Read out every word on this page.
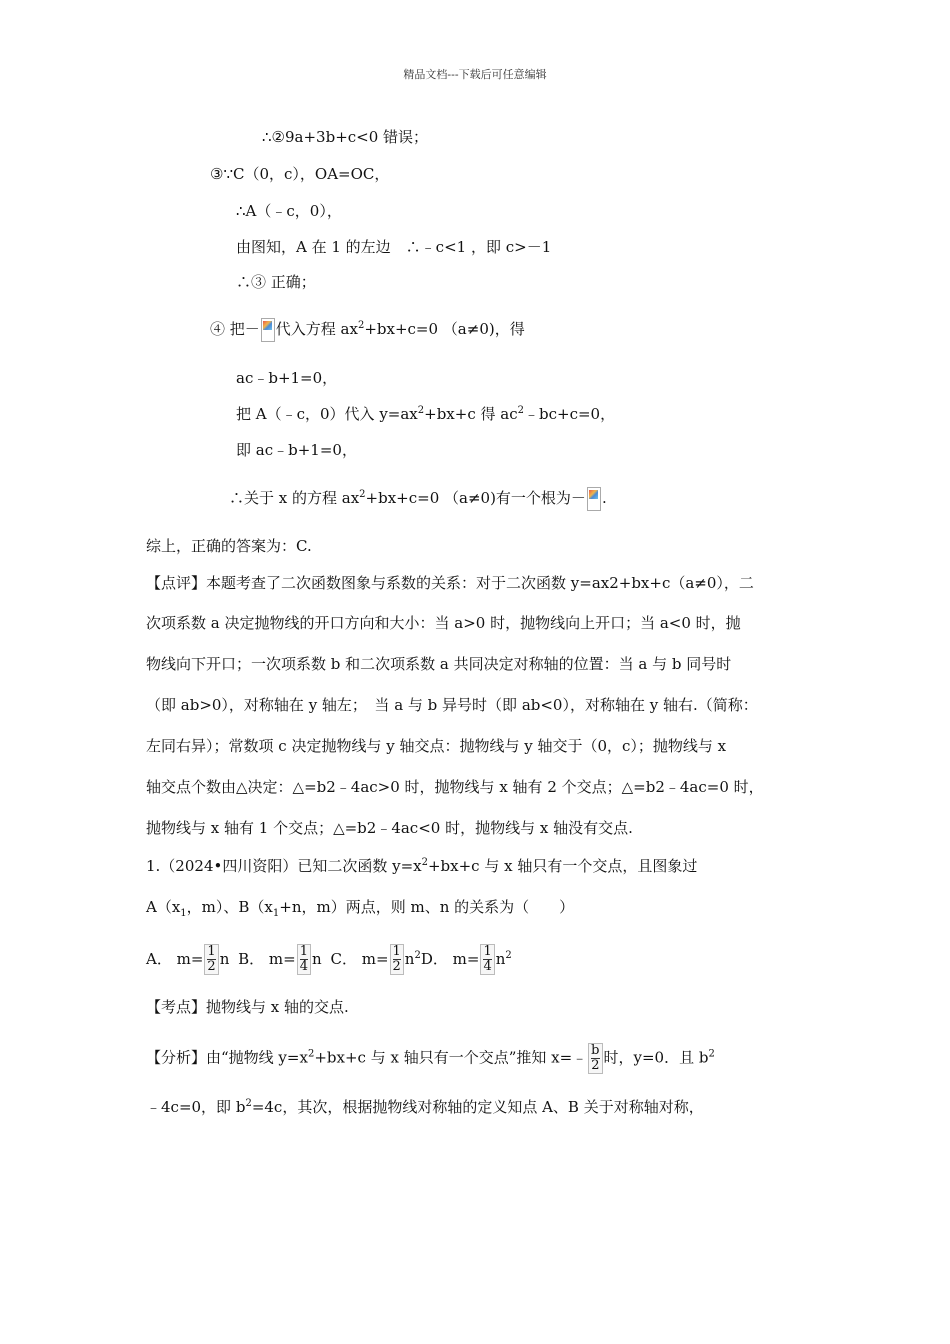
精品文档---下载后可任意编辑
∴②9a+3b+c<0 错误；
③∵C（0，c），OA=OC，
∴A（﹣c，0），
由图知，A 在 1 的左边　∴﹣c<1 ，即 c>－1
∴③ 正确；
④ 把－ 代入方程 $ax^2+bx+c=0$ （a≠0)，得
ac﹣b+1=0，
把 A（﹣c，0）代入 $y=ax^2+bx+c$ 得 $ac^2﹣bc+c=0$，
即 ac﹣b+1=0，
∴关于 x 的方程 $ax^2+bx+c=0$ （a≠0)有一个根为－ .
综上，正确的答案为：C.
【点评】本题考查了二次函数图象与系数的关系：对于二次函数 y=ax2+bx+c（a≠0），二
次项系数 a 决定抛物线的开口方向和大小：当 a>0 时，抛物线向上开口；当 a<0 时，抛
物线向下开口；一次项系数 b 和二次项系数 a 共同决定对称轴的位置：当 a 与 b 同号时
（即 ab>0），对称轴在 y 轴左；　当 a 与 b 异号时（即 ab<0），对称轴在 y 轴右.（简称：
左同右异）；常数项 c 决定抛物线与 y 轴交点：抛物线与 y 轴交于（0，c）；抛物线与 x
轴交点个数由△决定：△=b2﹣4ac>0 时，抛物线与 x 轴有 2 个交点；△=b2﹣4ac=0 时，
抛物线与 x 轴有 1 个交点；△=b2﹣4ac<0 时，抛物线与 x 轴没有交点.
1.（2024•四川资阳）已知二次函数 $y=x^2+bx+c$ 与 x 轴只有一个交点，且图象过
$A(x_1$，m）、$B(x_1+n$，m）两点，则 m、n 的关系为（　　）
A． $m= \frac{1}{2}$ n B． $m= \frac{1}{4}$ n C． $m= \frac{1}{2} n^2D$． $m= \frac{1}{4} n^2$
【考点】抛物线与 x 轴的交点.
【分析】由“抛物线 $y=x^2+bx+c$ 与 x 轴只有一个交点”推知 x=﹣ $\frac{b}{2}$ 时，y=0．且 $b^2$
﹣4c=0，即 $b^2=4c$，其次，根据抛物线对称轴的定义知点 A、B 关于对称轴对称，
